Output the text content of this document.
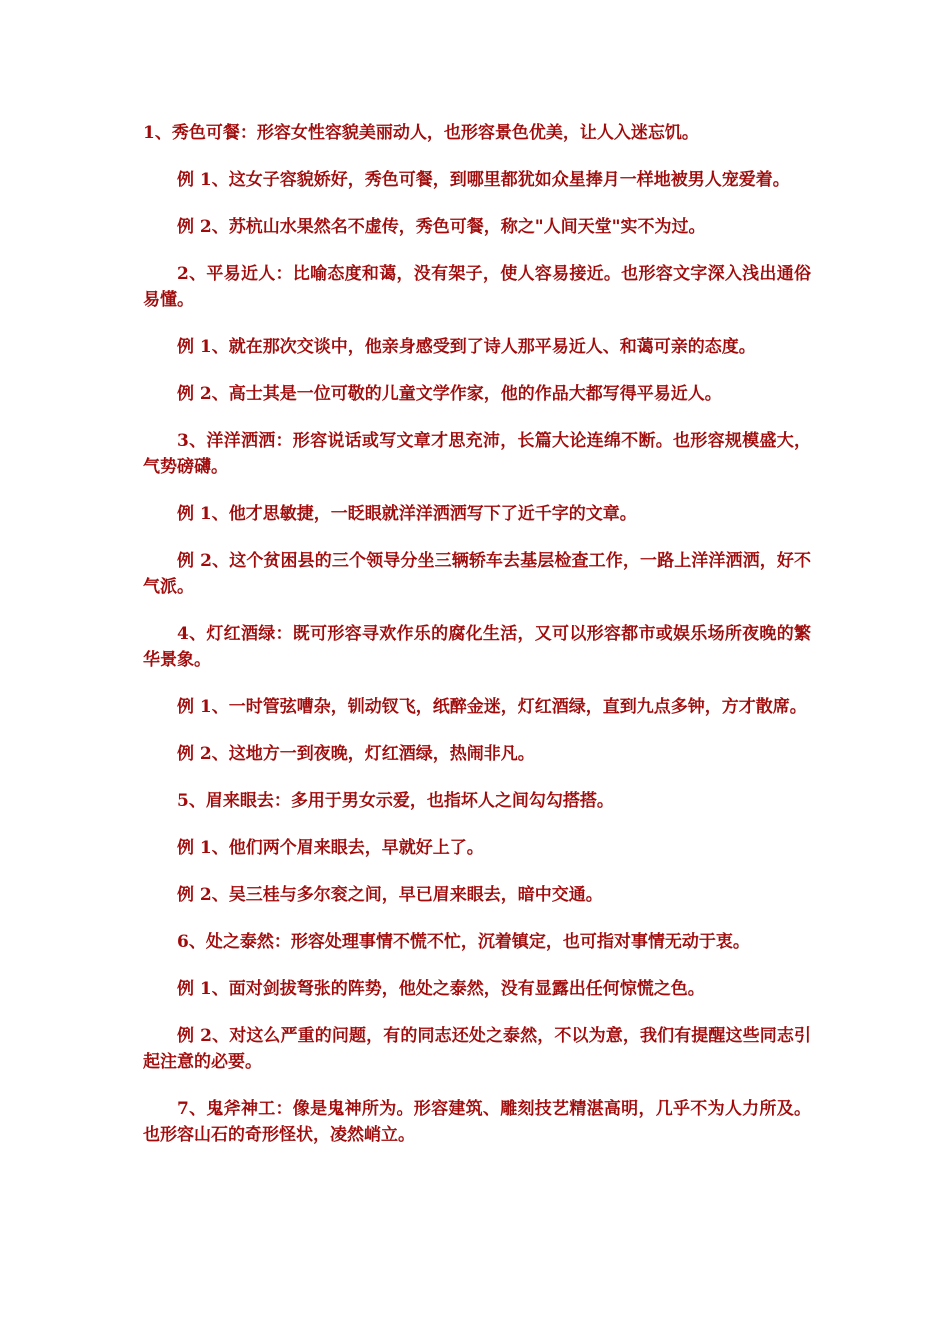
1、秀色可餐：形容女性容貌美丽动人，也形容景色优美，让人入迷忘饥。

例 1、这女子容貌娇好，秀色可餐，到哪里都犹如众星捧月一样地被男人宠爱着。

例 2、苏杭山水果然名不虚传，秀色可餐，称之"人间天堂"实不为过。

2、平易近人：比喻态度和蔼，没有架子，使人容易接近。也形容文字深入浅出通俗易懂。

例 1、就在那次交谈中，他亲身感受到了诗人那平易近人、和蔼可亲的态度。

例 2、高士其是一位可敬的儿童文学作家，他的作品大都写得平易近人。

3、洋洋洒洒：形容说话或写文章才思充沛，长篇大论连绵不断。也形容规模盛大，气势磅礴。

例 1、他才思敏捷，一眨眼就洋洋洒洒写下了近千字的文章。

例 2、这个贫困县的三个领导分坐三辆轿车去基层检查工作，一路上洋洋洒洒，好不气派。

4、灯红酒绿：既可形容寻欢作乐的腐化生活，又可以形容都市或娱乐场所夜晚的繁华景象。

例 1、一时管弦嘈杂，钏动钗飞，纸醉金迷，灯红酒绿，直到九点多钟，方才散席。

例 2、这地方一到夜晚，灯红酒绿，热闹非凡。

5、眉来眼去：多用于男女示爱，也指坏人之间勾勾搭搭。

例 1、他们两个眉来眼去，早就好上了。

例 2、吴三桂与多尔衮之间，早已眉来眼去，暗中交通。

6、处之泰然：形容处理事情不慌不忙，沉着镇定，也可指对事情无动于衷。

例 1、面对剑拔弩张的阵势，他处之泰然，没有显露出任何惊慌之色。

例 2、对这么严重的问题，有的同志还处之泰然，不以为意，我们有提醒这些同志引起注意的必要。

7、鬼斧神工：像是鬼神所为。形容建筑、雕刻技艺精湛高明，几乎不为人力所及。也形容山石的奇形怪状，凌然峭立。
